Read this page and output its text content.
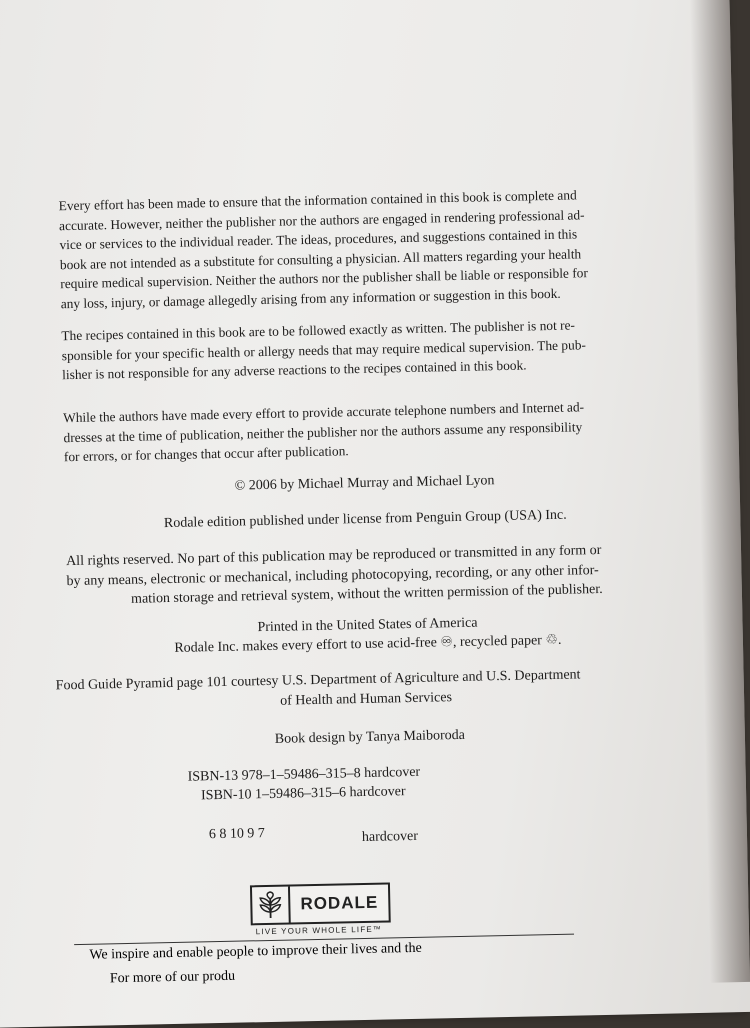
Every effort has been made to ensure that the information contained in this book is complete and
accurate. However, neither the publisher nor the authors are engaged in rendering professional ad-
vice or services to the individual reader. The ideas, procedures, and suggestions contained in this
book are not intended as a substitute for consulting a physician. All matters regarding your health
require medical supervision. Neither the authors nor the publisher shall be liable or responsible for
any loss, injury, or damage allegedly arising from any information or suggestion in this book.
The recipes contained in this book are to be followed exactly as written. The publisher is not re-
sponsible for your specific health or allergy needs that may require medical supervision. The pub-
lisher is not responsible for any adverse reactions to the recipes contained in this book.
While the authors have made every effort to provide accurate telephone numbers and Internet ad-
dresses at the time of publication, neither the publisher nor the authors assume any responsibility
for errors, or for changes that occur after publication.
© 2006 by Michael Murray and Michael Lyon
Rodale edition published under license from Penguin Group (USA) Inc.
All rights reserved. No part of this publication may be reproduced or transmitted in any form or
by any means, electronic or mechanical, including photocopying, recording, or any other infor-
mation storage and retrieval system, without the written permission of the publisher.
Printed in the United States of America
Rodale Inc. makes every effort to use acid-free ♾, recycled paper ♲.
Food Guide Pyramid page 101 courtesy U.S. Department of Agriculture and U.S. Department
of Health and Human Services
Book design by Tanya Maiboroda
ISBN-13 978–1–59486–315–8 hardcover
ISBN-10 1–59486–315–6 hardcover
6 8 10 9 7	hardcover
RODALE
LIVE YOUR WHOLE LIFE™
We inspire and enable people to improve their lives and the
For more of our produ
